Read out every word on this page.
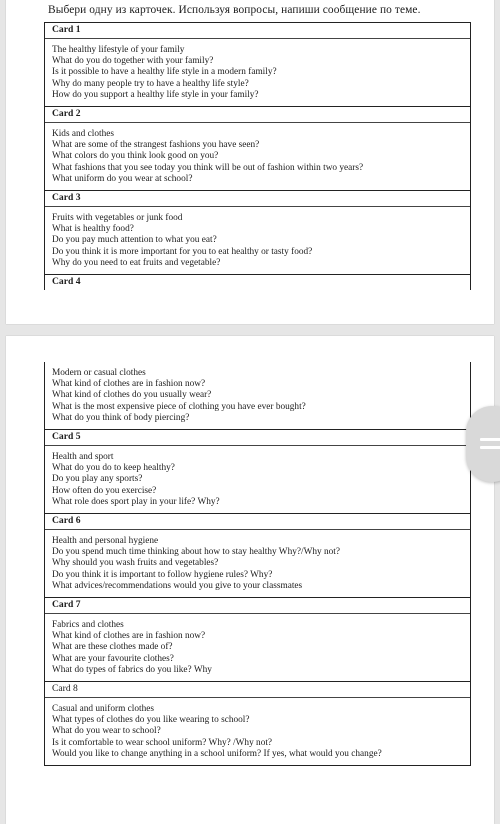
Выбери одну из карточек. Используя вопросы, напиши сообщение по теме.
Card 1
The healthy lifestyle of your family
What do you do together with your family?
Is it possible to have a healthy life style in a modern family?
Why do many people try to have a healthy life style?
How do you support a healthy life style in your family?
Card 2
Kids and clothes
What are some of the strangest fashions you have seen?
What colors do you think look good on you?
What fashions that you see today you think will be out of fashion within two years?
What uniform do you wear at school?
Card 3
Fruits with vegetables or junk food
What is healthy food?
Do you pay much attention to what you eat?
Do you think it is more important for you to eat healthy or tasty food?
Why do you need to eat fruits and vegetable?
Card 4
Modern or casual clothes
What kind of clothes are in fashion now?
What kind of clothes do you usually wear?
What is the most expensive piece of clothing you have ever bought?
What do you think of body piercing?
Card 5
Health and sport
What do you do to keep healthy?
Do you play any sports?
How often do you exercise?
What role does sport play in your life? Why?
Card 6
Health and personal hygiene
Do you spend much time thinking about how to stay healthy Why?/Why not?
Why should you wash fruits and vegetables?
Do you think it is important to follow hygiene rules? Why?
What advices/recommendations would you give to your classmates
Card 7
Fabrics and clothes
What kind of clothes are in fashion now?
What are these clothes made of?
What are your favourite clothes?
What do types of fabrics do you like? Why
Card 8
Casual and uniform clothes
What types of clothes do you like wearing to school?
What do you wear to school?
Is it comfortable to wear school uniform? Why? /Why not?
Would you like to change anything in a school uniform? If yes, what would you change?
